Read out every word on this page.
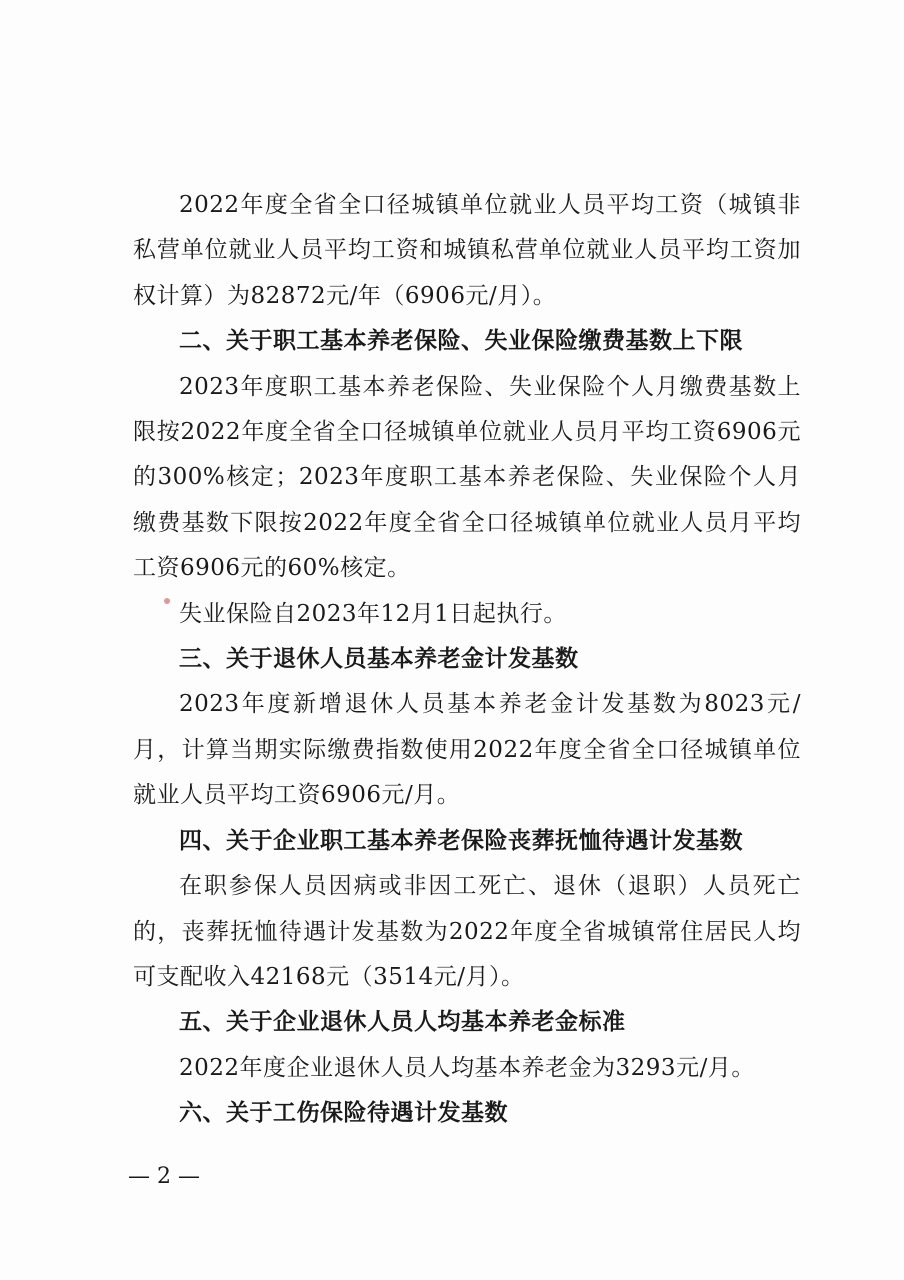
2022年度全省全口径城镇单位就业人员平均工资（城镇非私营单位就业人员平均工资和城镇私营单位就业人员平均工资加权计算）为82872元/年（6906元/月）。

二、关于职工基本养老保险、失业保险缴费基数上下限

2023年度职工基本养老保险、失业保险个人月缴费基数上限按2022年度全省全口径城镇单位就业人员月平均工资6906元的300%核定；2023年度职工基本养老保险、失业保险个人月缴费基数下限按2022年度全省全口径城镇单位就业人员月平均工资6906元的60%核定。

失业保险自2023年12月1日起执行。

三、关于退休人员基本养老金计发基数

2023年度新增退休人员基本养老金计发基数为8023元/月，计算当期实际缴费指数使用2022年度全省全口径城镇单位就业人员平均工资6906元/月。

四、关于企业职工基本养老保险丧葬抚恤待遇计发基数

在职参保人员因病或非因工死亡、退休（退职）人员死亡的，丧葬抚恤待遇计发基数为2022年度全省城镇常住居民人均可支配收入42168元（3514元/月）。

五、关于企业退休人员人均基本养老金标准

2022年度企业退休人员人均基本养老金为3293元/月。

六、关于工伤保险待遇计发基数

— 2 —
